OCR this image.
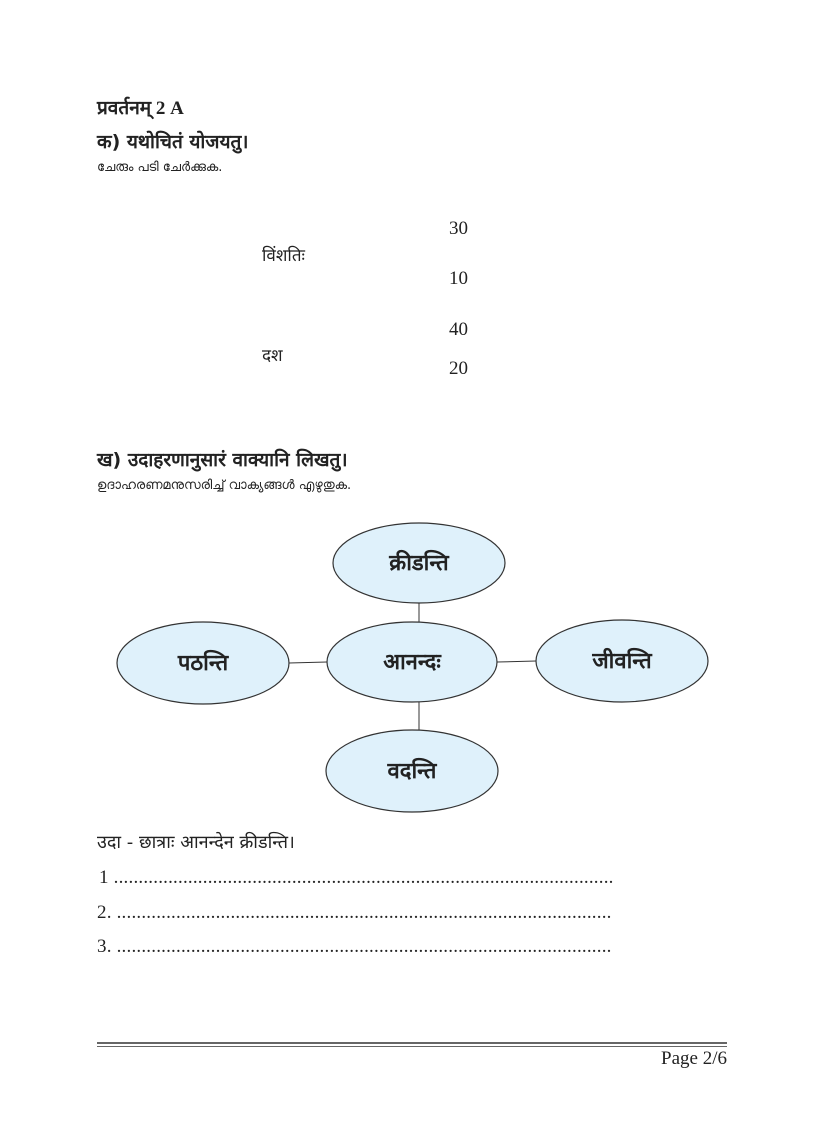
प्रवर्तनम् 2 A
क) यथोचितं योजयतु।
ചേരും പടി ചേർക്കുക.
विंशतिः
दश
30
10
40
20
ख) उदाहरणानुसारं वाक्यानि लिखतु।
ഉദാഹരണമനുസരിച്ച് വാക്യങ്ങൾ എഴുതുക.
क्रीडन्ति
पठन्ति	आनन्दः	जीवन्ति
वदन्ति
उदा - छात्राः आनन्देन क्रीडन्ति।
1 .....................................................................................................
2. ....................................................................................................
3. ....................................................................................................
Page 2/6
